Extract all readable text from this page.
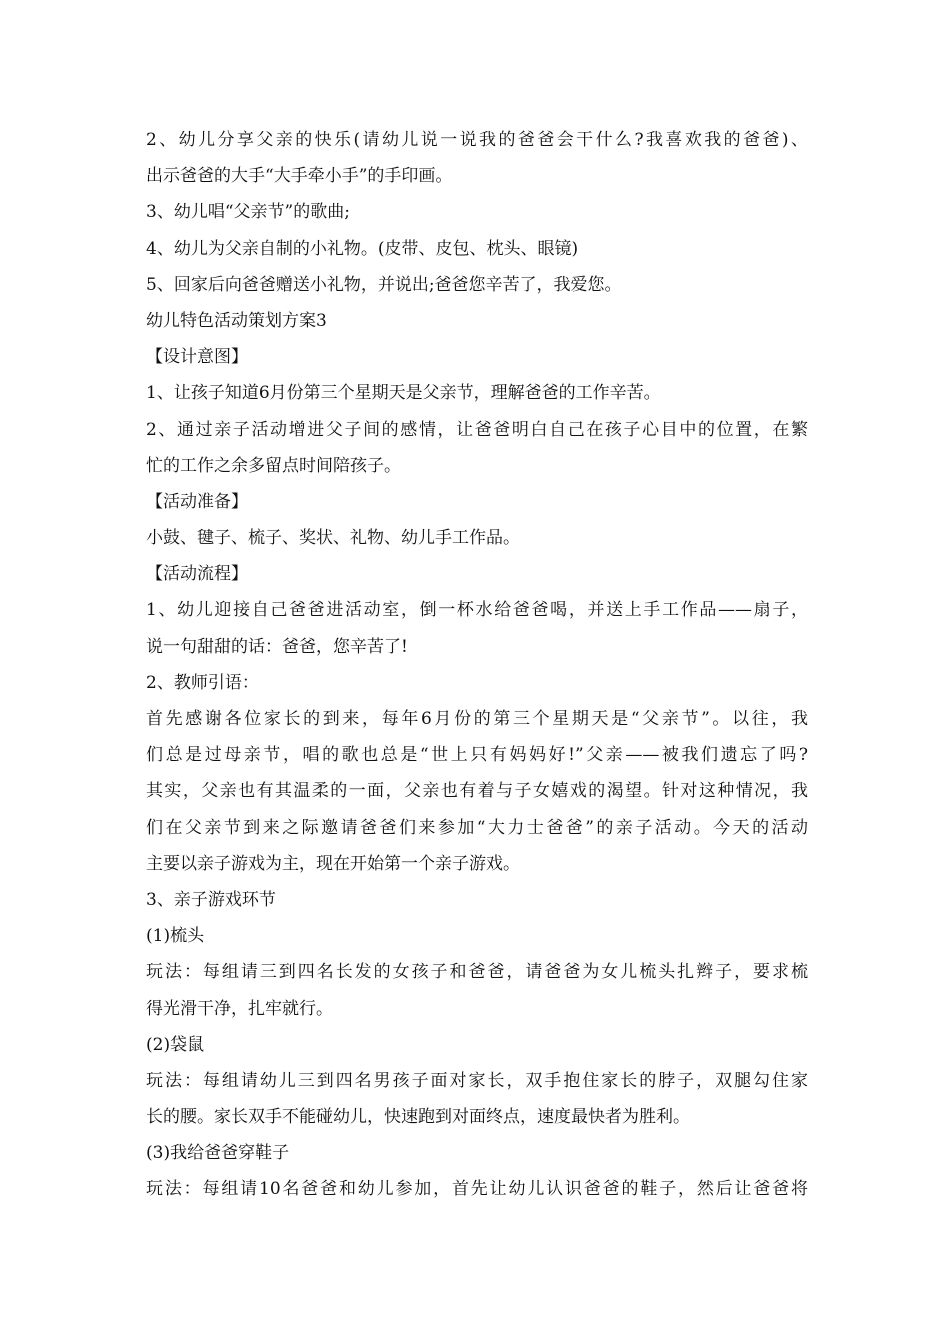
2、幼儿分享父亲的快乐(请幼儿说一说我的爸爸会干什么?我喜欢我的爸爸)、
出示爸爸的大手“大手牵小手”的手印画。
3、幼儿唱“父亲节”的歌曲;
4、幼儿为父亲自制的小礼物。(皮带、皮包、枕头、眼镜)
5、回家后向爸爸赠送小礼物，并说出;爸爸您辛苦了，我爱您。
幼儿特色活动策划方案3
【设计意图】
1、让孩子知道6月份第三个星期天是父亲节，理解爸爸的工作辛苦。
2、通过亲子活动增进父子间的感情，让爸爸明白自己在孩子心目中的位置，在繁
忙的工作之余多留点时间陪孩子。
【活动准备】
小鼓、毽子、梳子、奖状、礼物、幼儿手工作品。
【活动流程】
1、幼儿迎接自己爸爸进活动室，倒一杯水给爸爸喝，并送上手工作品——扇子，
说一句甜甜的话：爸爸，您辛苦了!
2、教师引语：
首先感谢各位家长的到来，每年6月份的第三个星期天是“父亲节”。以往，我
们总是过母亲节，唱的歌也总是“世上只有妈妈好!”父亲——被我们遗忘了吗?
其实，父亲也有其温柔的一面，父亲也有着与子女嬉戏的渴望。针对这种情况，我
们在父亲节到来之际邀请爸爸们来参加“大力士爸爸”的亲子活动。今天的活动
主要以亲子游戏为主，现在开始第一个亲子游戏。
3、亲子游戏环节
(1)梳头
玩法：每组请三到四名长发的女孩子和爸爸，请爸爸为女儿梳头扎辫子，要求梳
得光滑干净，扎牢就行。
(2)袋鼠
玩法：每组请幼儿三到四名男孩子面对家长，双手抱住家长的脖子，双腿勾住家
长的腰。家长双手不能碰幼儿，快速跑到对面终点，速度最快者为胜利。
(3)我给爸爸穿鞋子
玩法：每组请10名爸爸和幼儿参加，首先让幼儿认识爸爸的鞋子，然后让爸爸将
